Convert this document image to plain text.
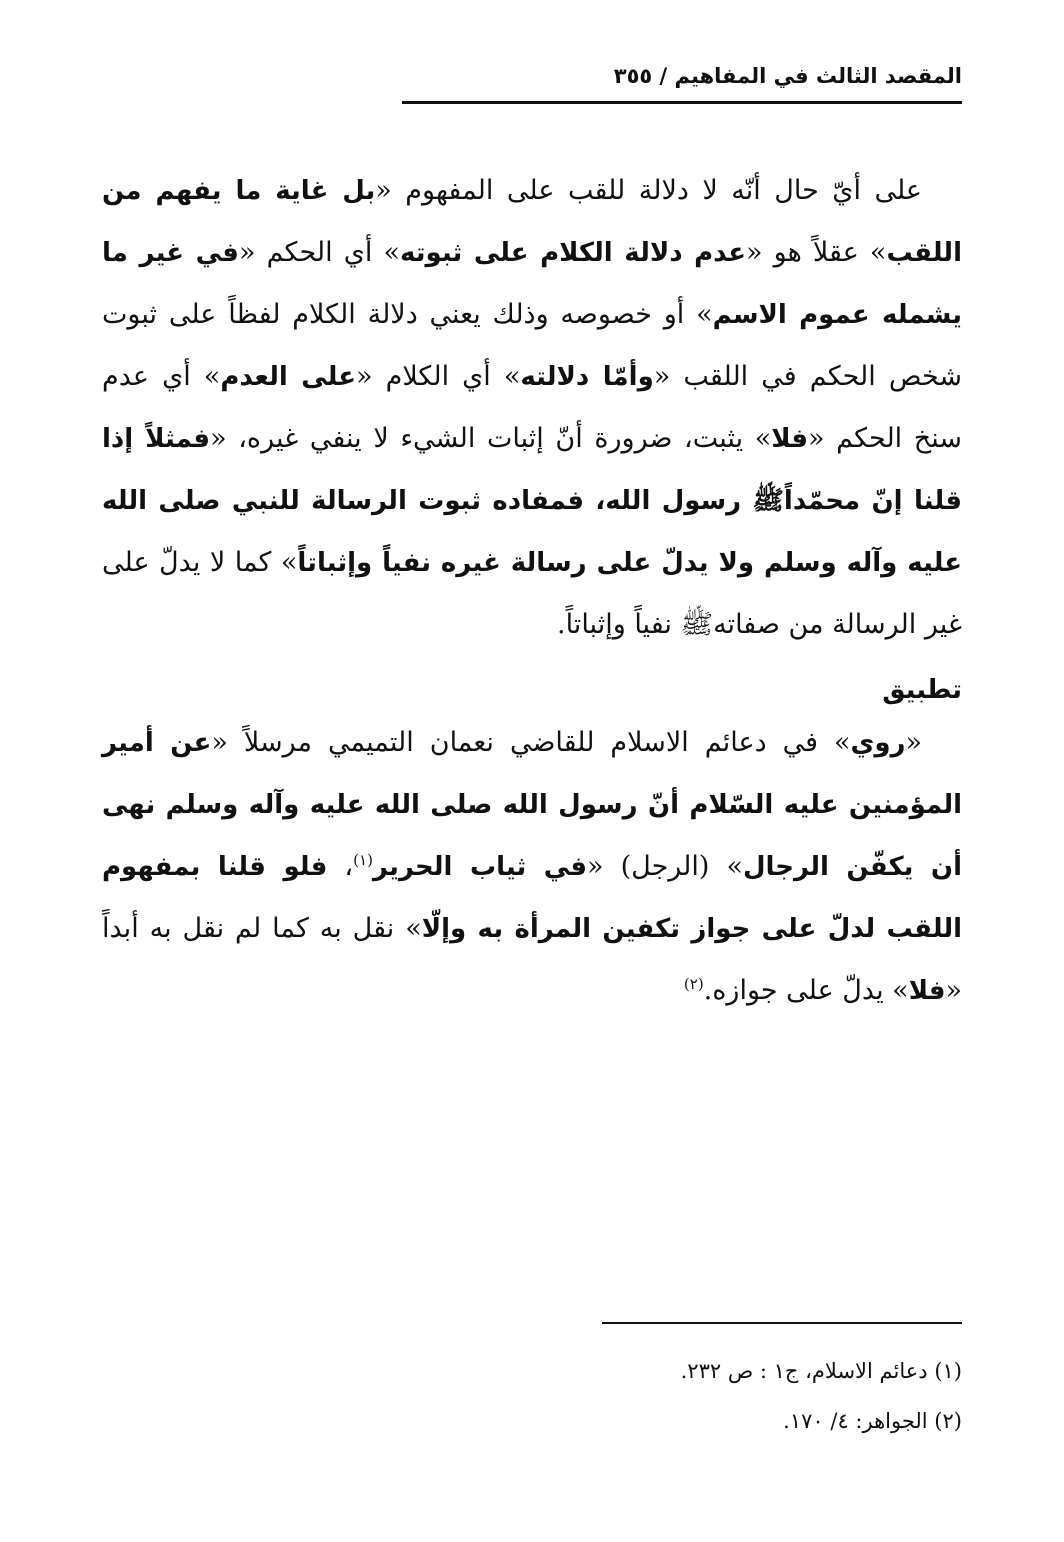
المقصد الثالث في المفاهيم / ٣٥٥

على أيّ حال أنّه لا دلالة للقب على المفهوم «بل غاية ما يفهم من اللقب» عقلاً هو «عدم دلالة الكلام على ثبوته» أي الحكم «في غير ما يشمله عموم الاسم» أو خصوصه وذلك يعني دلالة الكلام لفظاً على ثبوت شخص الحكم في اللقب «وأمّا دلالته» أي الكلام «على العدم» أي عدم سنخ الحكم «فلا» يثبت، ضرورة أنّ إثبات الشيء لا ينفي غيره، «فمثلاً إذا قلنا إنّ محمّداًﷺ رسول الله، فمفاده ثبوت الرسالة للنبي صلى الله عليه وآله وسلم ولا يدلّ على رسالة غيره نفياً وإثباتاً» كما لا يدلّ على غير الرسالة من صفاتهﷺ نفياً وإثباتاً.

تطبيق

«روي» في دعائم الاسلام للقاضي نعمان التميمي مرسلاً «عن أمير المؤمنين عليه السّلام أنّ رسول الله صلى الله عليه وآله وسلم نهى أن يكفّن الرجال» (الرجل) «في ثياب الحرير$^{(١)}$، فلو قلنا بمفهوم اللقب لدلّ على جواز تكفين المرأة به وإلّا» نقل به كما لم نقل به أبداً «فلا» يدلّ على جوازه.$^{(٢)}$

(١) دعائم الاسلام، ج١ : ص ٢٣٢.
(٢) الجواهر: ٤/ ١٧٠.
